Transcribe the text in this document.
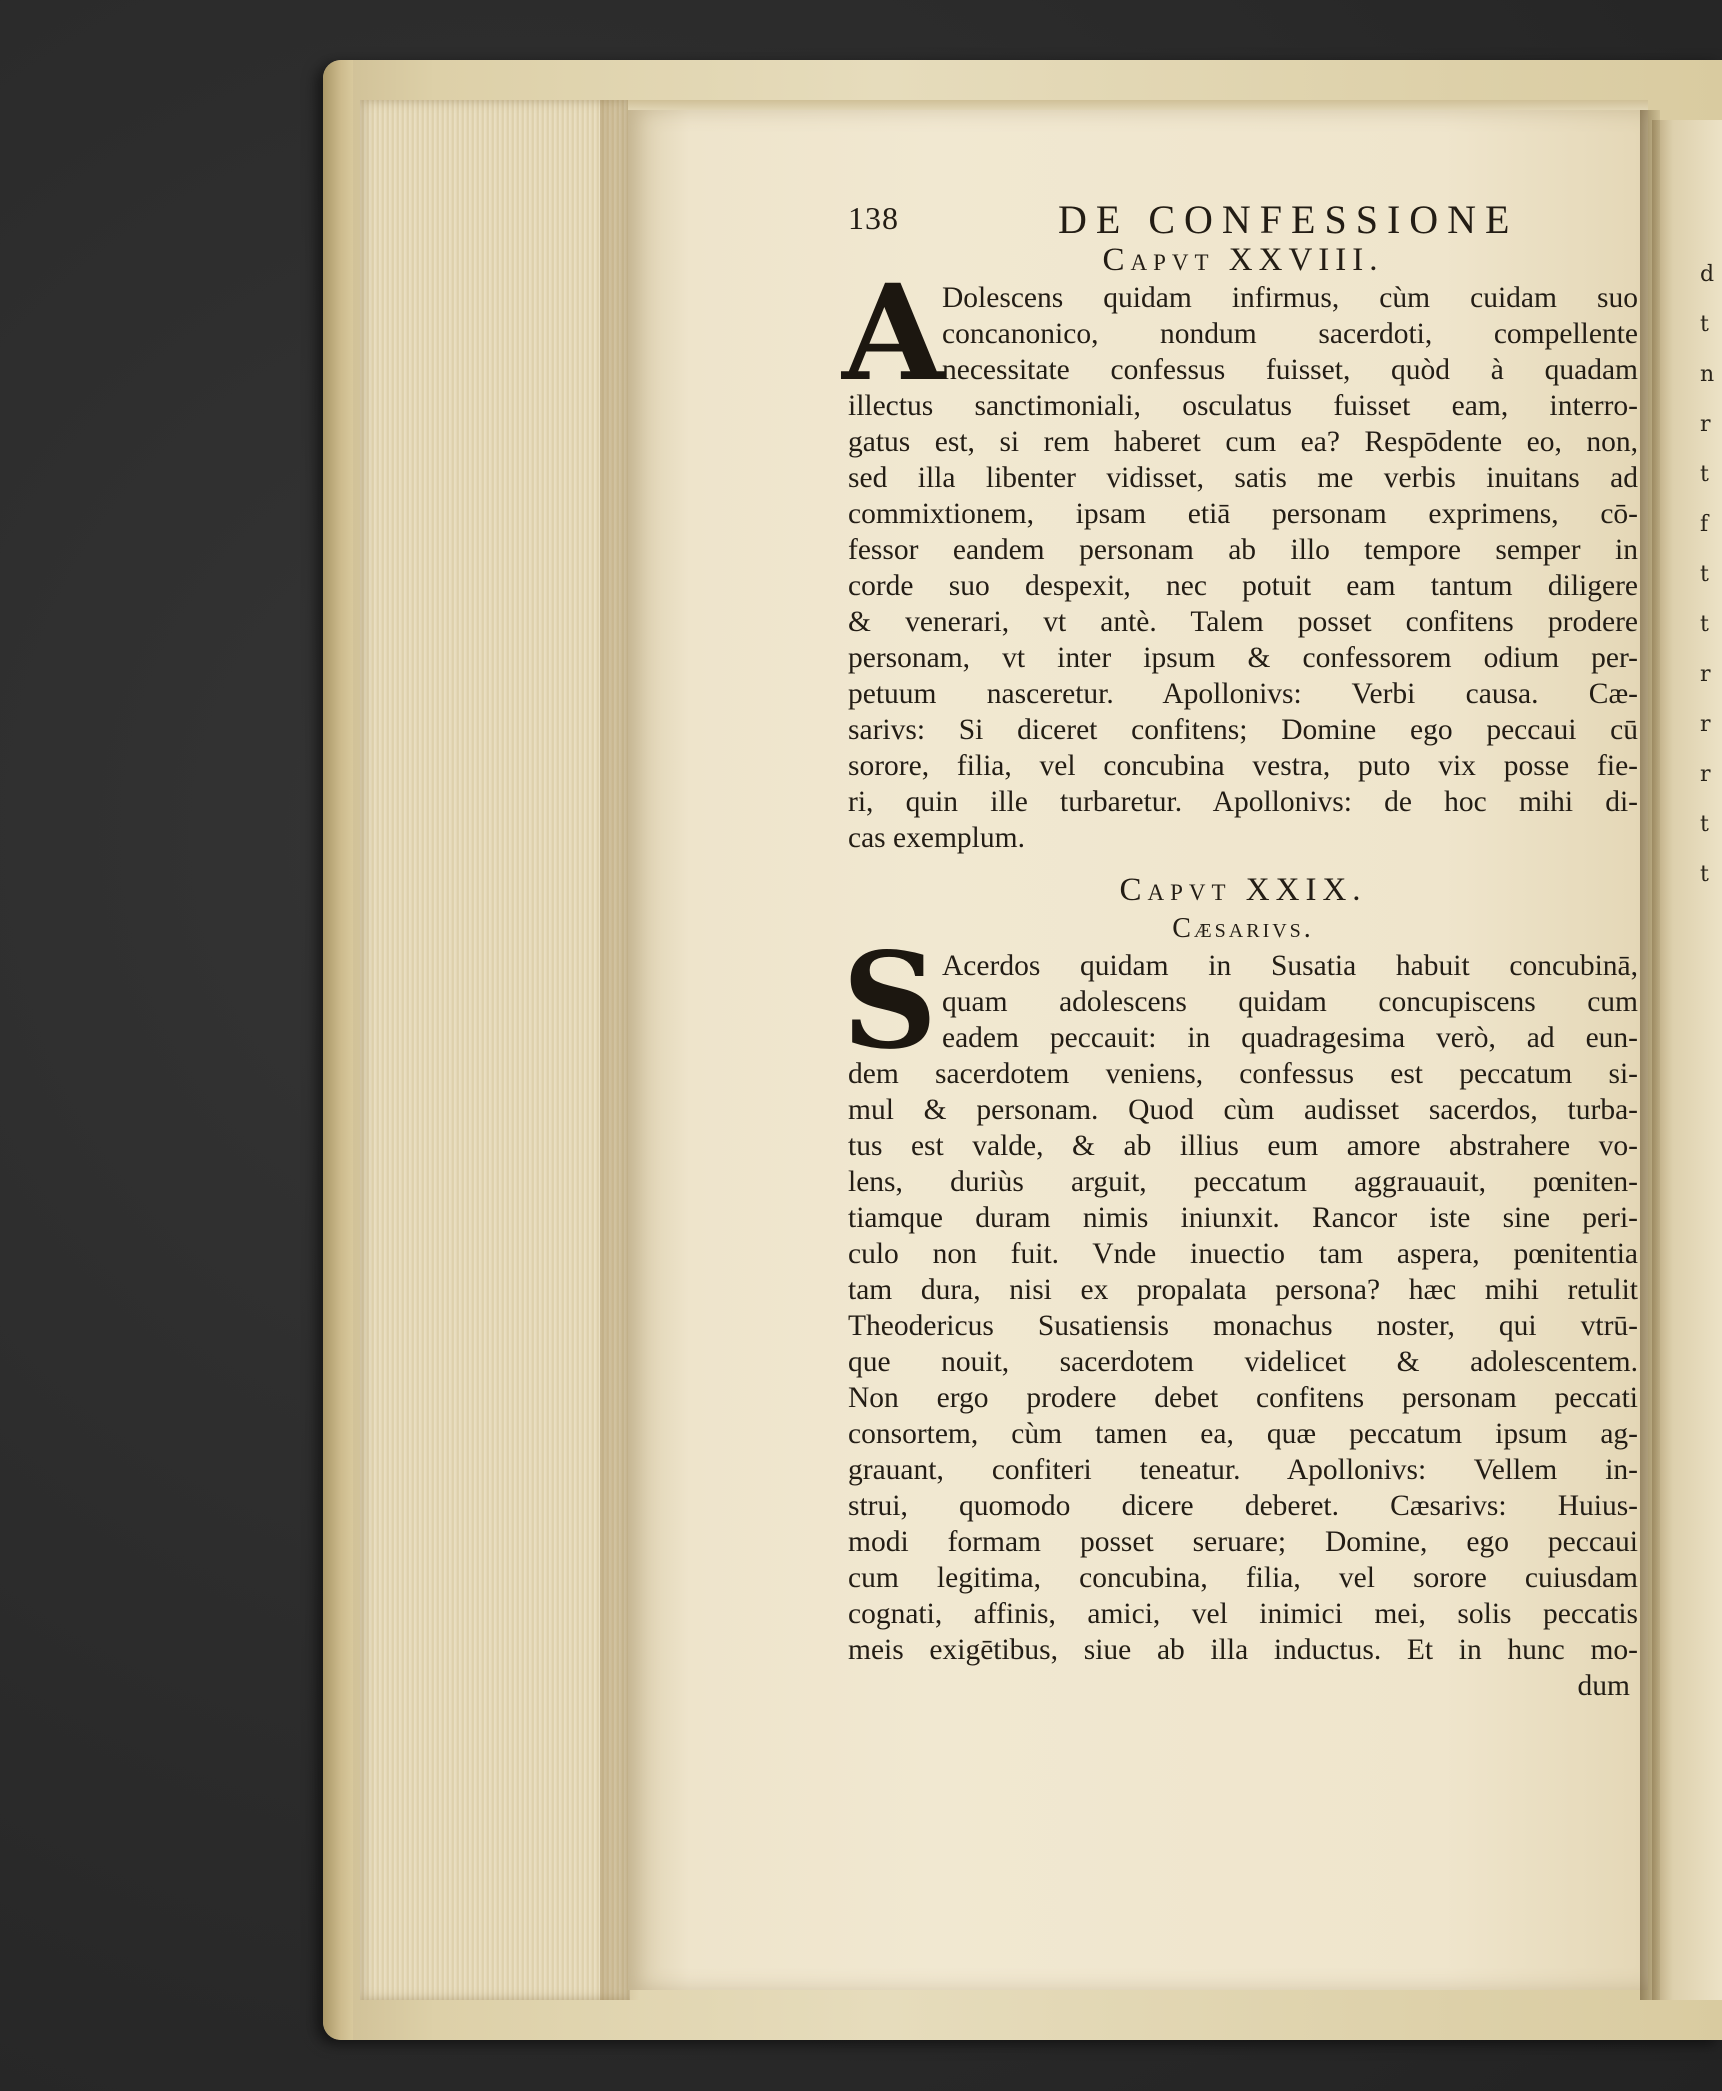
d
t
n
r
t
f
t
t
r
r
r
t
t
138	DE CONFESSIONE
Capvt XXVIII.
A
Dolescens quidam infirmus, cùm cuidam suo
concanonico, nondum sacerdoti, compellente
necessitate confessus fuisset, quòd à quadam
illectus sanctimoniali, osculatus fuisset eam, interro-
gatus est, si rem haberet cum ea? Respōdente eo, non,
sed illa libenter vidisset, satis me verbis inuitans ad
commixtionem, ipsam etiā personam exprimens, cō-
fessor eandem personam ab illo tempore semper in
corde suo despexit, nec potuit eam tantum diligere
& venerari, vt antè. Talem posset confitens prodere
personam, vt inter ipsum & confessorem odium per-
petuum nasceretur. Apollonivs: Verbi causa. Cæ-
sarivs: Si diceret confitens; Domine ego peccaui cū
sorore, filia, vel concubina vestra, puto vix posse fie-
ri, quin ille turbaretur. Apollonivs: de hoc mihi di-
cas exemplum.
Capvt XXIX.
Cæsarivs.
S Acerdos quidam in Susatia habuit concubinā,
quam adolescens quidam concupiscens cum
eadem peccauit: in quadragesima verò, ad eun-
dem sacerdotem veniens, confessus est peccatum si-
mul & personam. Quod cùm audisset sacerdos, turba-
tus est valde, & ab illius eum amore abstrahere vo-
lens, duriùs arguit, peccatum aggrauauit, pœniten-
tiamque duram nimis iniunxit. Rancor iste sine peri-
culo non fuit. Vnde inuectio tam aspera, pœnitentia
tam dura, nisi ex propalata persona? hæc mihi retulit
Theodericus Susatiensis monachus noster, qui vtrū-
que nouit, sacerdotem videlicet & adolescentem.
Non ergo prodere debet confitens personam peccati
consortem, cùm tamen ea, quæ peccatum ipsum ag-
grauant, confiteri teneatur. Apollonivs: Vellem in-
strui, quomodo dicere deberet. Cæsarivs: Huius-
modi formam posset seruare; Domine, ego peccaui
cum legitima, concubina, filia, vel sorore cuiusdam
cognati, affinis, amici, vel inimici mei, solis peccatis
meis exigētibus, siue ab illa inductus. Et in hunc mo-
dum
